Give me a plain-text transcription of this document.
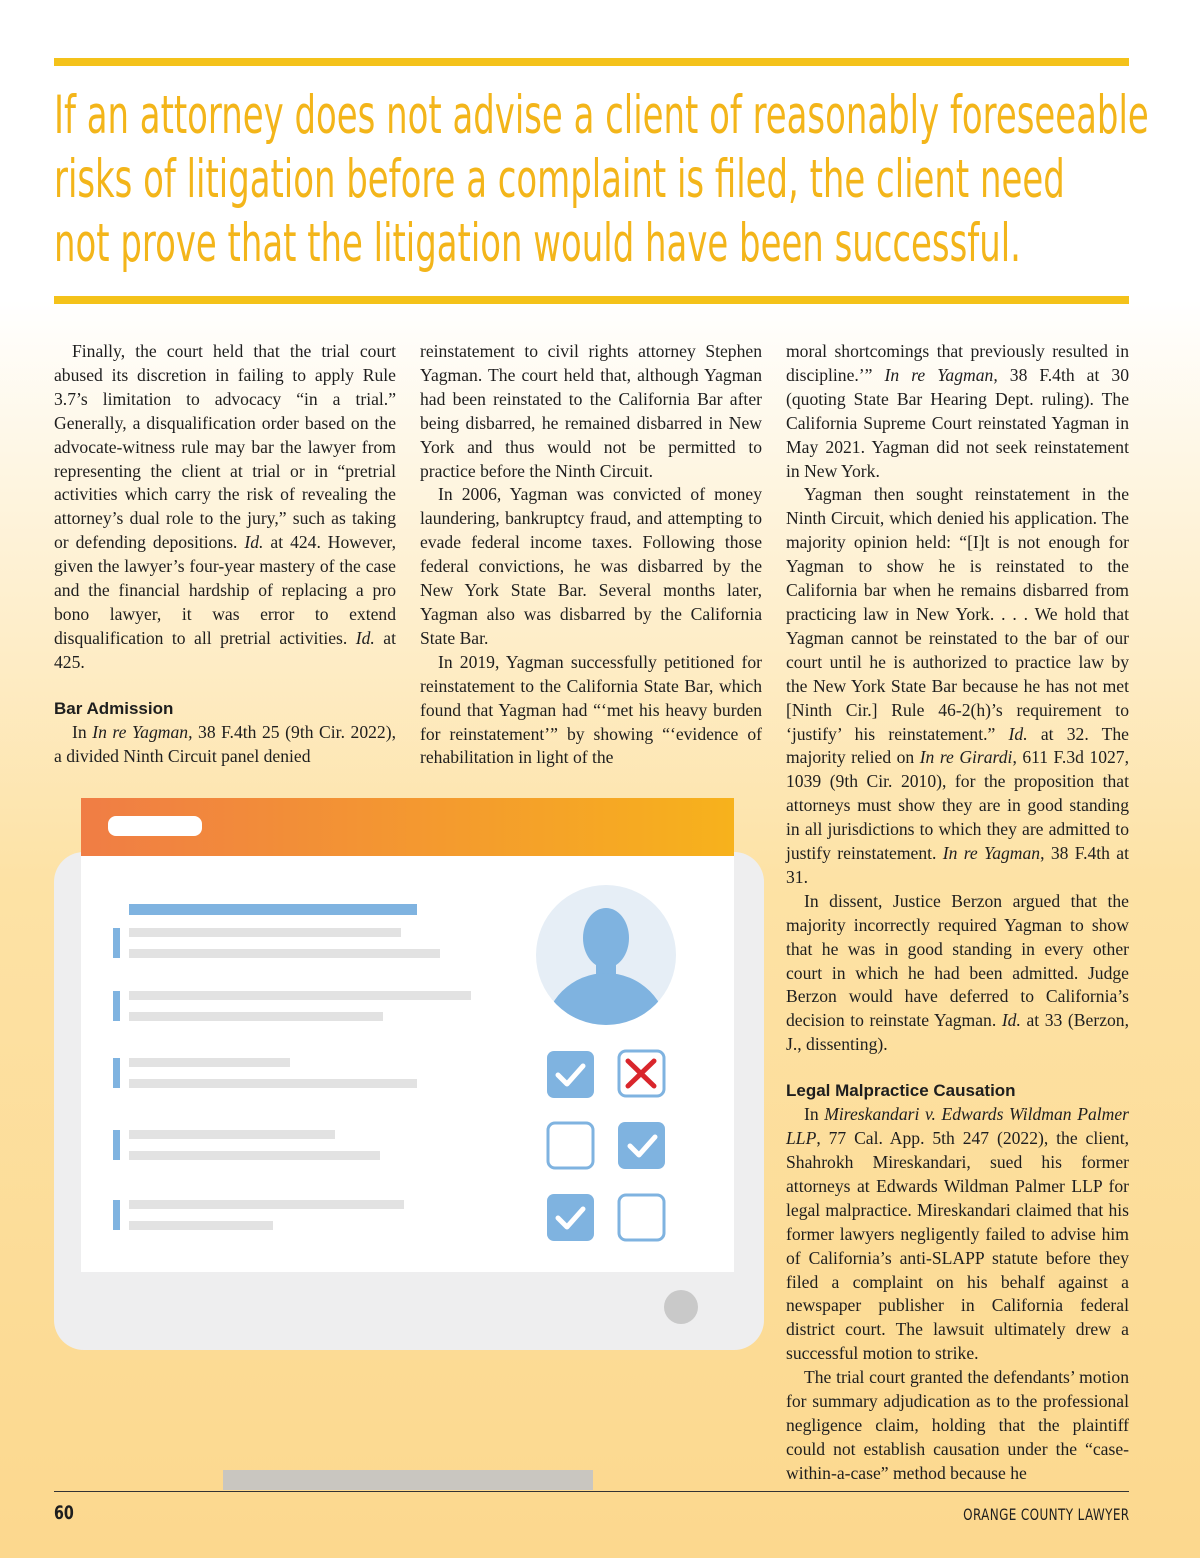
If an attorney does not advise a client of reasonably foreseeable
risks of litigation before a complaint is filed, the client need
not prove that the litigation would have been successful.

Finally, the court held that the trial court abused its discretion in failing to apply Rule 3.7’s limitation to advocacy “in a trial.” Generally, a disqualification order based on the advocate-witness rule may bar the lawyer from representing the client at trial or in “pretrial activities which carry the risk of revealing the attorney’s dual role to the jury,” such as taking or defending depositions. Id. at 424. However, given the lawyer’s four-year mastery of the case and the financial hardship of replacing a pro bono lawyer, it was error to extend disqualification to all pretrial activities. Id. at 425.

Bar Admission

In In re Yagman, 38 F.4th 25 (9th Cir. 2022), a divided Ninth Circuit panel denied

reinstatement to civil rights attorney Stephen Yagman. The court held that, although Yagman had been reinstated to the California Bar after being disbarred, he remained disbarred in New York and thus would not be permitted to practice before the Ninth Circuit.

In 2006, Yagman was convicted of money laundering, bankruptcy fraud, and attempting to evade federal income taxes. Following those federal convictions, he was disbarred by the New York State Bar. Several months later, Yagman also was disbarred by the California State Bar.

In 2019, Yagman successfully petitioned for reinstatement to the California State Bar, which found that Yagman had “‘met his heavy burden for reinstatement’” by showing “‘evidence of rehabilitation in light of the

moral shortcomings that previously resulted in discipline.’” In re Yagman, 38 F.4th at 30 (quoting State Bar Hearing Dept. ruling). The California Supreme Court reinstated Yagman in May 2021. Yagman did not seek reinstatement in New York.

Yagman then sought reinstatement in the Ninth Circuit, which denied his application. The majority opinion held: “[I]t is not enough for Yagman to show he is reinstated to the California bar when he remains disbarred from practicing law in New York. . . . We hold that Yagman cannot be reinstated to the bar of our court until he is authorized to practice law by the New York State Bar because he has not met [Ninth Cir.] Rule 46-2(h)’s requirement to ‘justify’ his reinstatement.” Id. at 32. The majority relied on In re Girardi, 611 F.3d 1027, 1039 (9th Cir. 2010), for the proposition that attorneys must show they are in good standing in all jurisdictions to which they are admitted to justify reinstatement. In re Yagman, 38 F.4th at 31.

In dissent, Justice Berzon argued that the majority incorrectly required Yagman to show that he was in good standing in every other court in which he had been admitted. Judge Berzon would have deferred to California’s decision to reinstate Yagman. Id. at 33 (Berzon, J., dissenting).

Legal Malpractice Causation

In Mireskandari v. Edwards Wildman Palmer LLP, 77 Cal. App. 5th 247 (2022), the client, Shahrokh Mireskandari, sued his former attorneys at Edwards Wildman Palmer LLP for legal malpractice. Mireskandari claimed that his former lawyers negligently failed to advise him of California’s anti-SLAPP statute before they filed a complaint on his behalf against a newspaper publisher in California federal district court. The lawsuit ultimately drew a successful motion to strike.

The trial court granted the defendants’ motion for summary adjudication as to the professional negligence claim, holding that the plaintiff could not establish causation under the “case-within-a-case” method because he

60	ORANGE COUNTY LAWYER
